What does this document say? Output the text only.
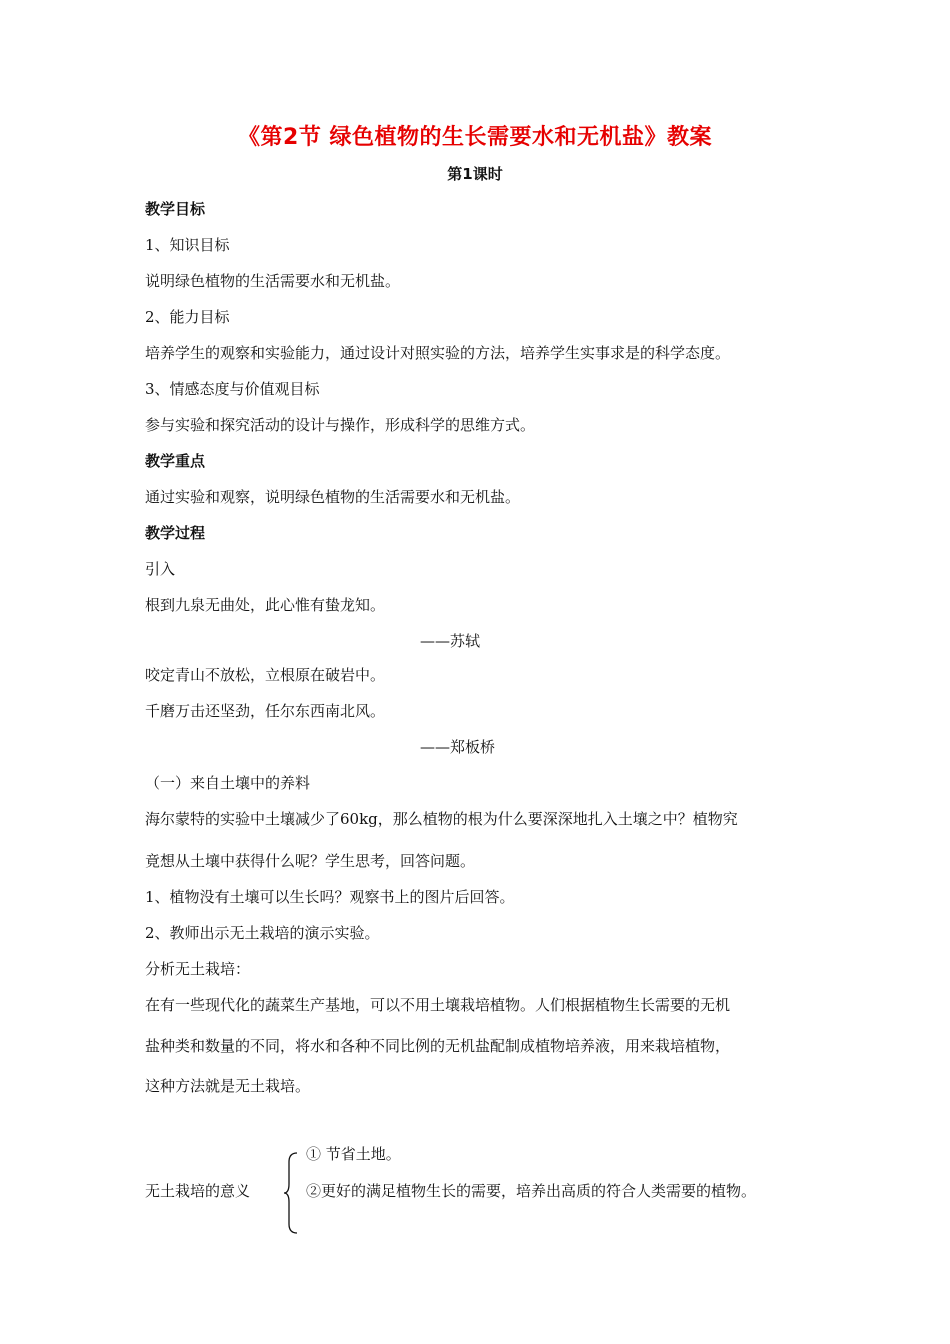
《第2节 绿色植物的生长需要水和无机盐》教案
第1课时
教学目标
1、知识目标
说明绿色植物的生活需要水和无机盐。
2、能力目标
培养学生的观察和实验能力，通过设计对照实验的方法，培养学生实事求是的科学态度。
3、情感态度与价值观目标
参与实验和探究活动的设计与操作，形成科学的思维方式。
教学重点
通过实验和观察，说明绿色植物的生活需要水和无机盐。
教学过程
引入
根到九泉无曲处，此心惟有蛰龙知。
——苏轼
咬定青山不放松，立根原在破岩中。
千磨万击还坚劲，任尔东西南北风。
——郑板桥
（一）来自土壤中的养料
海尔蒙特的实验中土壤减少了60kg，那么植物的根为什么要深深地扎入土壤之中？植物究
竟想从土壤中获得什么呢？学生思考，回答问题。
1、植物没有土壤可以生长吗？观察书上的图片后回答。
2、教师出示无土栽培的演示实验。
分析无土栽培：
在有一些现代化的蔬菜生产基地，可以不用土壤栽培植物。人们根据植物生长需要的无机
盐种类和数量的不同，将水和各种不同比例的无机盐配制成植物培养液，用来栽培植物，
这种方法就是无土栽培。
无土栽培的意义
① 节省土地。
②更好的满足植物生长的需要，培养出高质的符合人类需要的植物。
